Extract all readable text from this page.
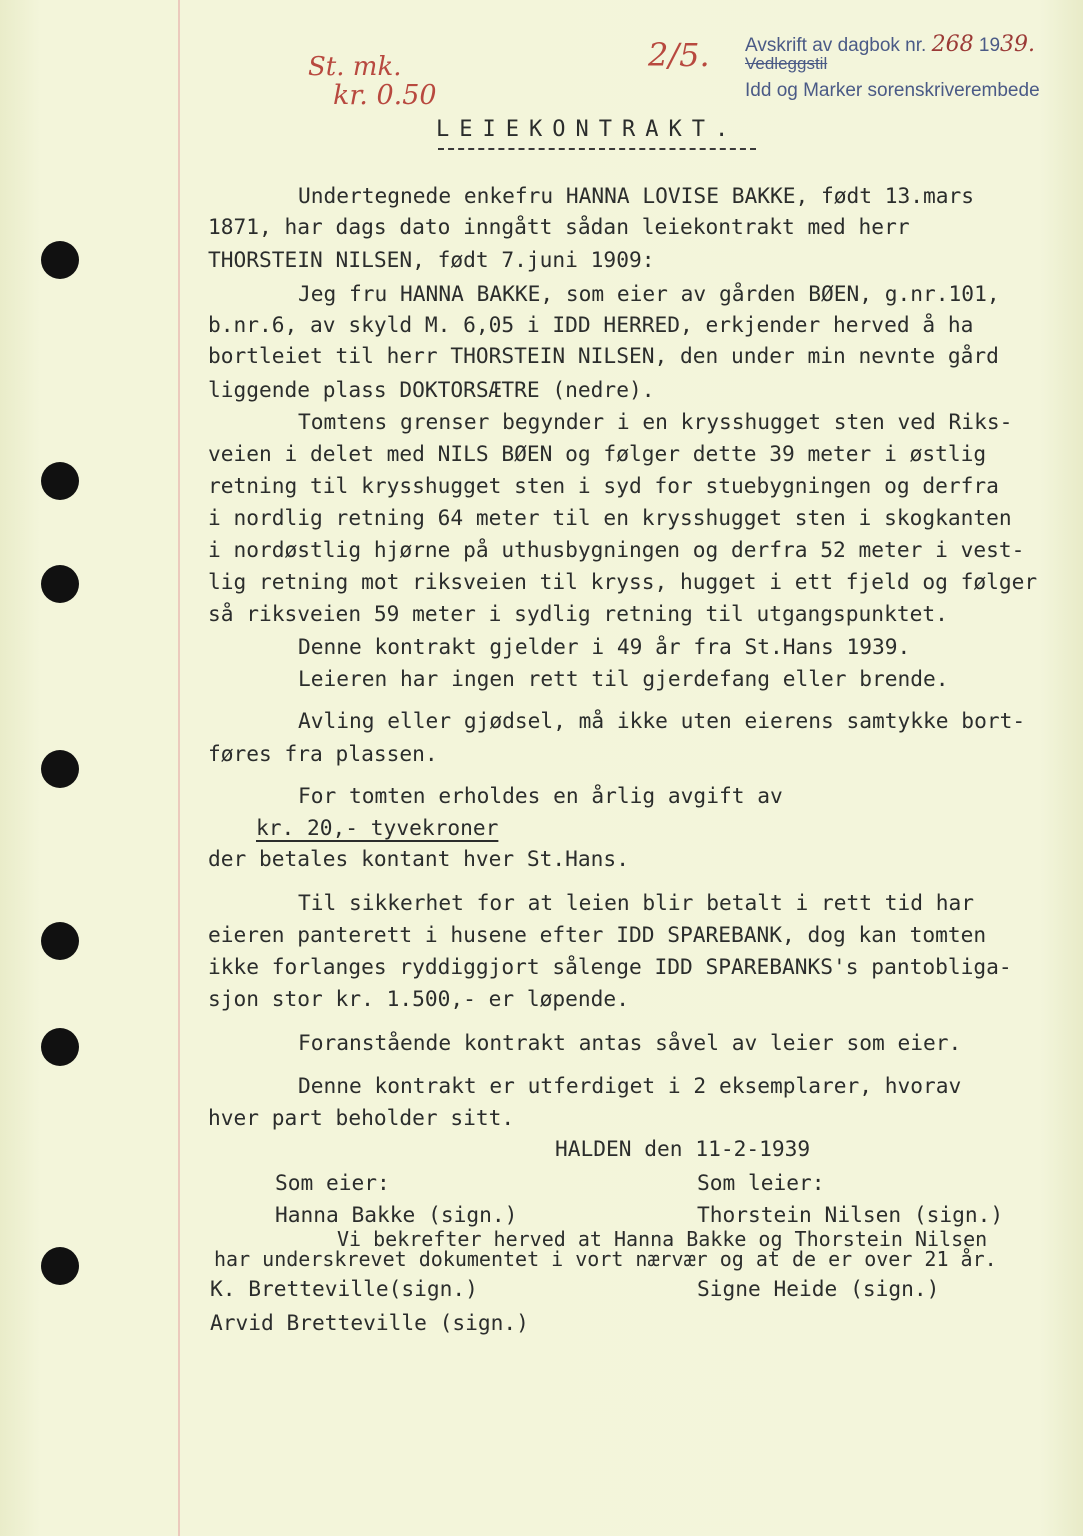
St. mk.
kr. 0.50
2/5. Avskrift av dagbok nr. 268 1939.
Vedleggstil
Idd og Marker sorenskriverembede
LEIEKONTRAKT.
Undertegnede enkefru HANNA LOVISE BAKKE, født 13.mars
1871, har dags dato inngått sådan leiekontrakt med herr
THORSTEIN NILSEN, født 7.juni 1909:
Jeg fru HANNA BAKKE, som eier av gården BØEN, g.nr.101,
b.nr.6, av skyld M. 6,05 i IDD HERRED, erkjender herved å ha
bortleiet til herr THORSTEIN NILSEN, den under min nevnte gård
liggende plass DOKTORSÆTRE (nedre).
Tomtens grenser begynder i en krysshugget sten ved Riks-
veien i delet med NILS BØEN og følger dette 39 meter i østlig
retning til krysshugget sten i syd for stuebygningen og derfra
i nordlig retning 64 meter til en krysshugget sten i skogkanten
i nordøstlig hjørne på uthusbygningen og derfra 52 meter i vest-
lig retning mot riksveien til kryss, hugget i ett fjeld og følger
så riksveien 59 meter i sydlig retning til utgangspunktet.
Denne kontrakt gjelder i 49 år fra St.Hans 1939.
Leieren har ingen rett til gjerdefang eller brende.
Avling eller gjødsel, må ikke uten eierens samtykke bort-
føres fra plassen.
For tomten erholdes en årlig avgift av
kr. 20,- tyvekroner
der betales kontant hver St.Hans.
Til sikkerhet for at leien blir betalt i rett tid har
eieren panterett i husene efter IDD SPAREBANK, dog kan tomten
ikke forlanges ryddiggjort sålenge IDD SPAREBANKS's pantobliga-
sjon stor kr. 1.500,- er løpende.
Foranstående kontrakt antas såvel av leier som eier.
Denne kontrakt er utferdiget i 2 eksemplarer, hvorav
hver part beholder sitt.
HALDEN den 11-2-1939
Som eier:	Som leier:
Hanna Bakke (sign.)	Thorstein Nilsen (sign.)
Vi bekrefter herved at Hanna Bakke og Thorstein Nilsen
har underskrevet dokumentet i vort nærvær og at de er over 21 år.
K. Bretteville(sign.)	Signe Heide (sign.)
Arvid Bretteville (sign.)
